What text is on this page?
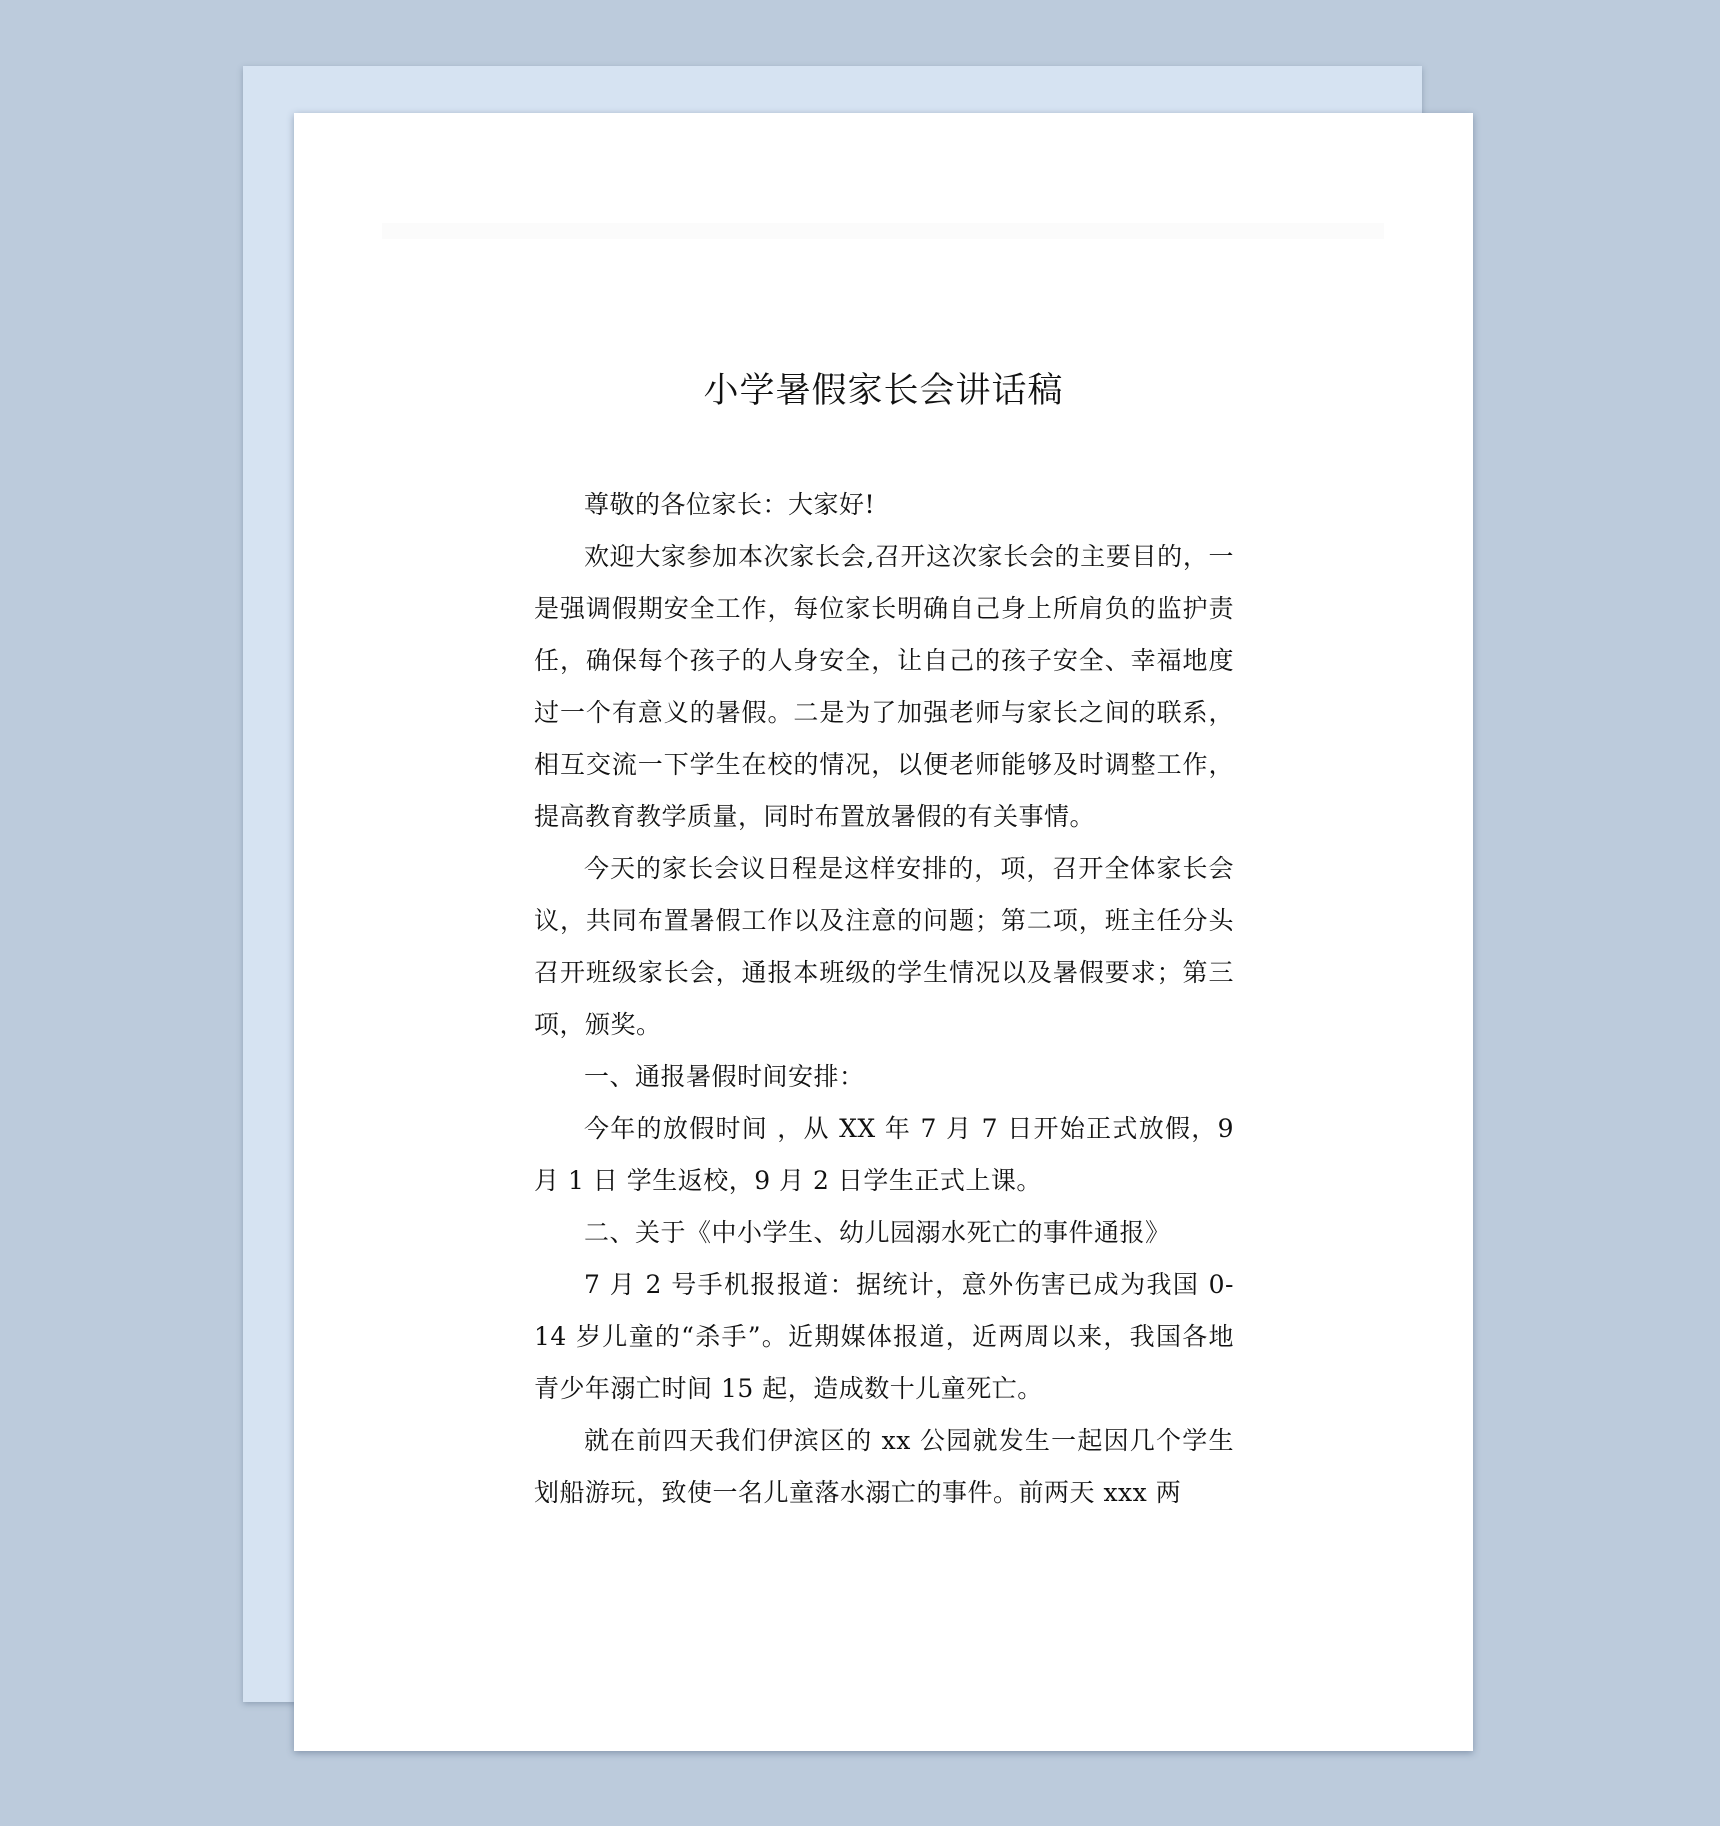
小学暑假家长会讲话稿

尊敬的各位家长：大家好!

欢迎大家参加本次家长会,召开这次家长会的主要目的，一是强调假期安全工作，每位家长明确自己身上所肩负的监护责任，确保每个孩子的人身安全，让自己的孩子安全、幸福地度过一个有意义的暑假。二是为了加强老师与家长之间的联系，相互交流一下学生在校的情况，以便老师能够及时调整工作，提高教育教学质量，同时布置放暑假的有关事情。

今天的家长会议日程是这样安排的，项，召开全体家长会议，共同布置暑假工作以及注意的问题；第二项，班主任分头召开班级家长会，通报本班级的学生情况以及暑假要求；第三项，颁奖。

一、通报暑假时间安排：

今年的放假时间 ，从 XX 年 7 月 7 日开始正式放假，9 月 1 日 学生返校，9 月 2 日学生正式上课。

二、关于《中小学生、幼儿园溺水死亡的事件通报》

7 月 2 号手机报报道：据统计，意外伤害已成为我国 0-14 岁儿童的“杀手”。近期媒体报道，近两周以来，我国各地青少年溺亡时间 15 起，造成数十儿童死亡。

就在前四天我们伊滨区的 xx 公园就发生一起因几个学生划船游玩，致使一名儿童落水溺亡的事件。前两天 xxx 两
